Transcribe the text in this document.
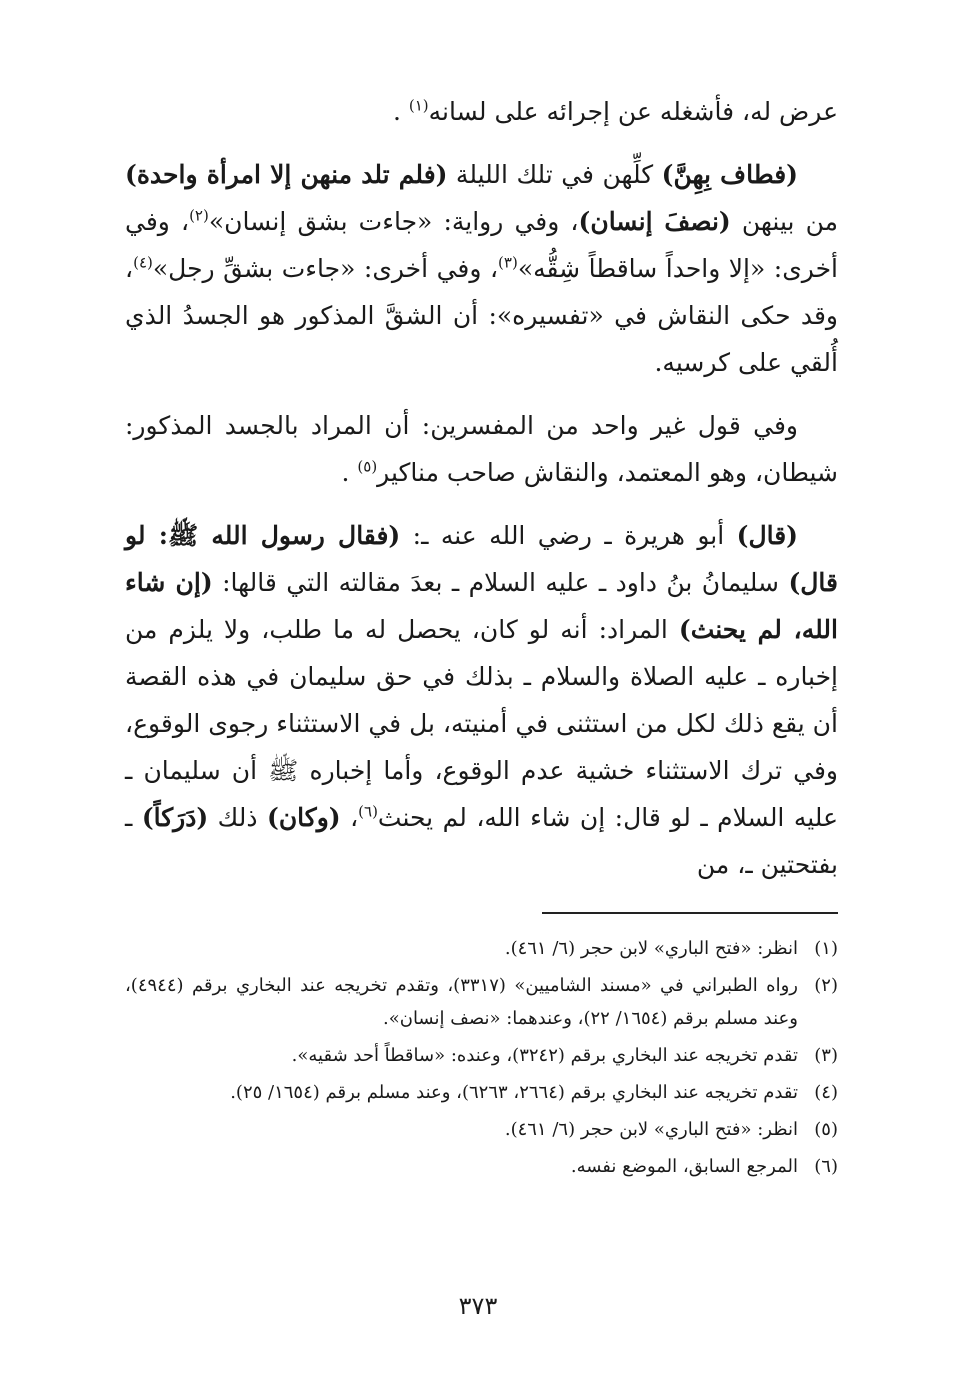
عرض له، فأشغله عن إجرائه على لسانه$^{(١)}$ .

(فطاف بِهِنَّ) كلِّهن في تلك الليلة (فلم تلد منهن إلا امرأة واحدة) من بينهن (نصفَ إنسان)، وفي رواية: «جاءت بشق إنسان»$^{(٢)}$، وفي أخرى: «إلا واحداً ساقطاً شِقُّه»$^{(٣)}$، وفي أخرى: «جاءت بشقِّ رجل»$^{(٤)}$، وقد حكى النقاش في «تفسيره»: أن الشقَّ المذكور هو الجسدُ الذي أُلقي على كرسيه.

وفي قول غير واحد من المفسرين: أن المراد بالجسد المذكور: شيطان، وهو المعتمد، والنقاش صاحب مناكير$^{(٥)}$ .

(قال) أبو هريرة ـ رضي الله عنه ـ: (فقال رسول الله ﷺ: لو قال) سليمانُ بنُ داود ـ عليه السلام ـ بعدَ مقالته التي قالها: (إن شاء الله، لم يحنث) المراد: أنه لو كان، يحصل له ما طلب، ولا يلزم من إخباره ـ عليه الصلاة والسلام ـ بذلك في حق سليمان في هذه القصة أن يقع ذلك لكل من استثنى في أمنيته، بل في الاستثناء رجوى الوقوع، وفي ترك الاستثناء خشية عدم الوقوع، وأما إخباره ﷺ أن سليمان ـ عليه السلام ـ لو قال: إن شاء الله، لم يحنث$^{(٦)}$، (وكان) ذلك (دَرَكاً) ـ بفتحتين ـ، من

(١)
انظر: «فتح الباري» لابن حجر (٦/ ٤٦١).
(٢)
رواه الطبراني في «مسند الشاميين» (٣٣١٧)، وتقدم تخريجه عند البخاري برقم (٤٩٤٤)، وعند مسلم برقم (١٦٥٤/ ٢٢)، وعندهما: «نصف إنسان».
(٣)
تقدم تخريجه عند البخاري برقم (٣٢٤٢)، وعنده: «ساقطاً أحد شقيه».
(٤)
تقدم تخريجه عند البخاري برقم (٢٦٦٤، ٦٢٦٣)، وعند مسلم برقم (١٦٥٤/ ٢٥).
(٥)
انظر: «فتح الباري» لابن حجر (٦/ ٤٦١).
(٦)
المرجع السابق، الموضع نفسه.
٣٧٣
